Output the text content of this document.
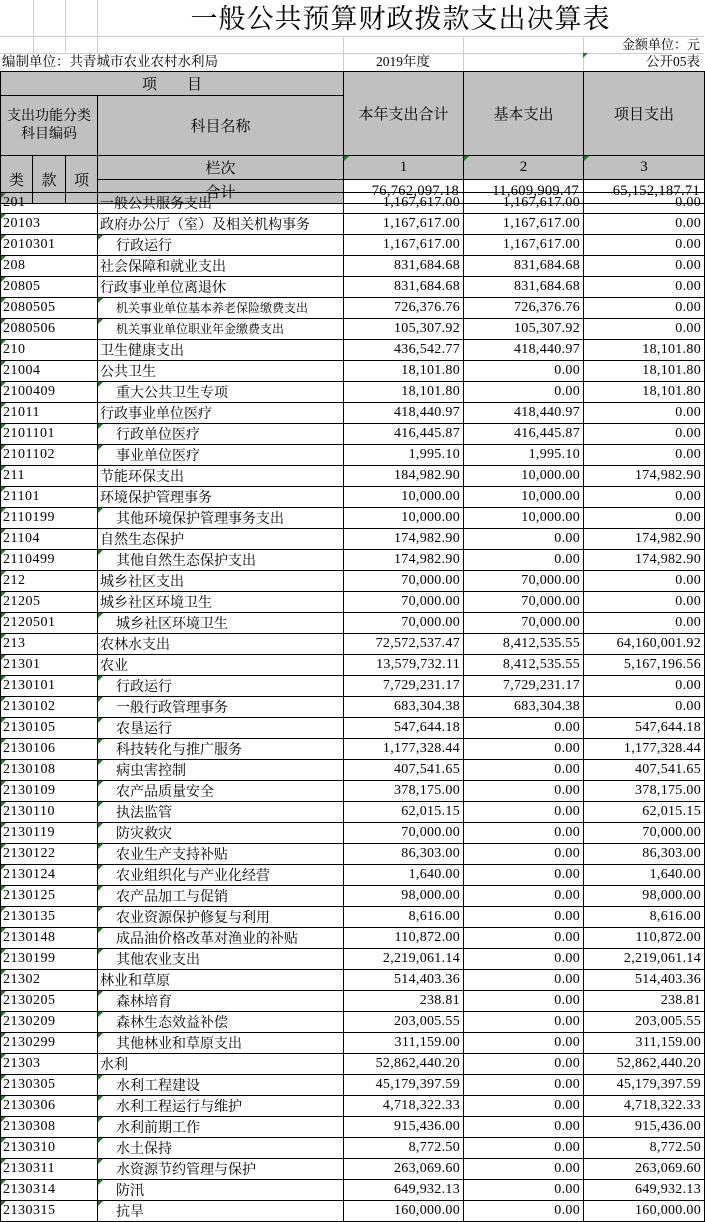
一般公共预算财政拨款支出决算表
金额单位：元
编制单位：共青城市农业农村水利局	2019年度	公开05表
项　　目				本年支出合计	基本支出	项目支出
支出功能分类
科目编码			科目名称			
类	款	项	栏次	1	2	3
			合计	76,762,097.18	11,609,909.47	65,152,187.71
201	一般公共服务支出	1,167,617.00	1,167,617.00	0.00
20103	政府办公厅（室）及相关机构事务	1,167,617.00	1,167,617.00	0.00
2010301	行政运行	1,167,617.00	1,167,617.00	0.00
208	社会保障和就业支出	831,684.68	831,684.68	0.00
20805	行政事业单位离退休	831,684.68	831,684.68	0.00
2080505	机关事业单位基本养老保险缴费支出	726,376.76	726,376.76	0.00
2080506	机关事业单位职业年金缴费支出	105,307.92	105,307.92	0.00
210	卫生健康支出	436,542.77	418,440.97	18,101.80
21004	公共卫生	18,101.80	0.00	18,101.80
2100409	重大公共卫生专项	18,101.80	0.00	18,101.80
21011	行政事业单位医疗	418,440.97	418,440.97	0.00
2101101	行政单位医疗	416,445.87	416,445.87	0.00
2101102	事业单位医疗	1,995.10	1,995.10	0.00
211	节能环保支出	184,982.90	10,000.00	174,982.90
21101	环境保护管理事务	10,000.00	10,000.00	0.00
2110199	其他环境保护管理事务支出	10,000.00	10,000.00	0.00
21104	自然生态保护	174,982.90	0.00	174,982.90
2110499	其他自然生态保护支出	174,982.90	0.00	174,982.90
212	城乡社区支出	70,000.00	70,000.00	0.00
21205	城乡社区环境卫生	70,000.00	70,000.00	0.00
2120501	城乡社区环境卫生	70,000.00	70,000.00	0.00
213	农林水支出	72,572,537.47	8,412,535.55	64,160,001.92
21301	农业	13,579,732.11	8,412,535.55	5,167,196.56
2130101	行政运行	7,729,231.17	7,729,231.17	0.00
2130102	一般行政管理事务	683,304.38	683,304.38	0.00
2130105	农垦运行	547,644.18	0.00	547,644.18
2130106	科技转化与推广服务	1,177,328.44	0.00	1,177,328.44
2130108	病虫害控制	407,541.65	0.00	407,541.65
2130109	农产品质量安全	378,175.00	0.00	378,175.00
2130110	执法监管	62,015.15	0.00	62,015.15
2130119	防灾救灾	70,000.00	0.00	70,000.00
2130122	农业生产支持补贴	86,303.00	0.00	86,303.00
2130124	农业组织化与产业化经营	1,640.00	0.00	1,640.00
2130125	农产品加工与促销	98,000.00	0.00	98,000.00
2130135	农业资源保护修复与利用	8,616.00	0.00	8,616.00
2130148	成品油价格改革对渔业的补贴	110,872.00	0.00	110,872.00
2130199	其他农业支出	2,219,061.14	0.00	2,219,061.14
21302	林业和草原	514,403.36	0.00	514,403.36
2130205	森林培育	238.81	0.00	238.81
2130209	森林生态效益补偿	203,005.55	0.00	203,005.55
2130299	其他林业和草原支出	311,159.00	0.00	311,159.00
21303	水利	52,862,440.20	0.00	52,862,440.20
2130305	水利工程建设	45,179,397.59	0.00	45,179,397.59
2130306	水利工程运行与维护	4,718,322.33	0.00	4,718,322.33
2130308	水利前期工作	915,436.00	0.00	915,436.00
2130310	水土保持	8,772.50	0.00	8,772.50
2130311	水资源节约管理与保护	263,069.60	0.00	263,069.60
2130314	防汛	649,932.13	0.00	649,932.13
2130315	抗旱	160,000.00	0.00	160,000.00
